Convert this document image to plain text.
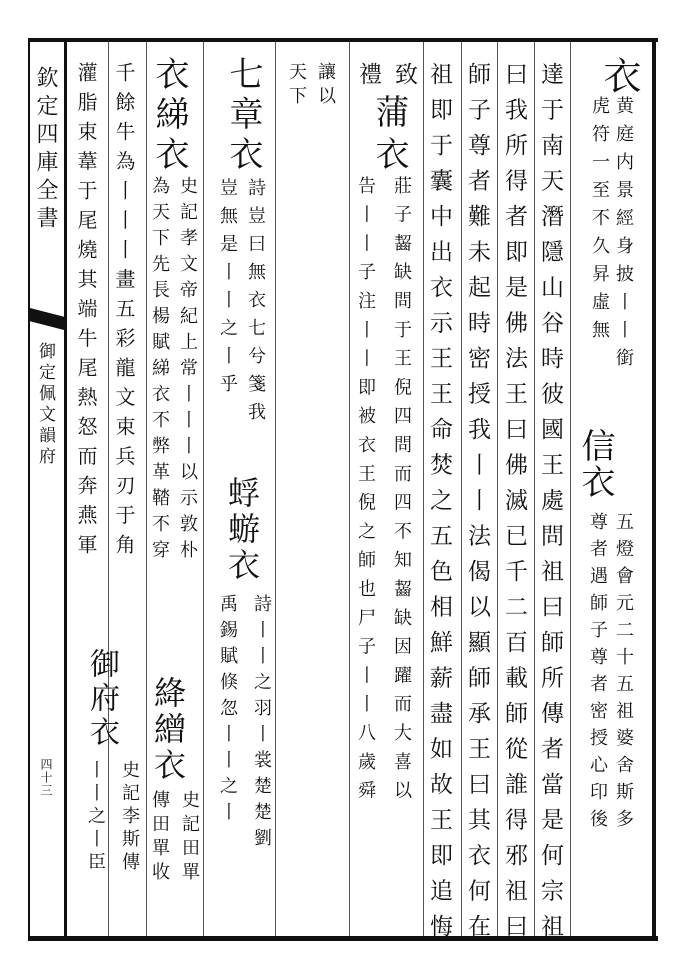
欽定四庫全書
御定佩文韻府
四十三
衣
黄庭内景經身披丨丨銜
虎符一至不久昇虛無
信衣
五燈會元二十五祖婆舍斯多
尊者遇師子尊者密授心印後
達于南天潛隱山谷時彼國王處問祖曰師所傳者當是何宗祖
曰我所得者即是佛法王曰佛滅已千二百載師從誰得邪祖曰
師子尊者難未起時密授我丨丨法偈以顯師承王曰其衣何在
祖即于囊中出衣示王王命焚之五色相鮮薪盡如故王即追悔
致
蒲衣
莊子齧缺問于王倪四問而四不知齧缺因躍而大喜以
禮
告丨丨子注丨丨即被衣王倪之師也尸子丨丨八歲舜
讓以
天下
七章衣
詩豈曰無衣七兮箋我
豈無是丨丨之丨乎
蜉蝣衣
詩丨丨之羽丨裳楚楚劉
禹錫賦倏忽丨丨之丨
衣綈衣
史記孝文帝紀上常丨丨丨以示敦朴
為天下先長楊賦綈衣不弊革鞜不穿
絳繒衣
史記田單
傳田單收
千餘牛為丨丨丨畫五彩龍文束兵刃于角
御府衣
史記李斯傳
灌脂束葦于尾燒其端牛尾熱怒而奔燕軍
丨丨之丨臣
